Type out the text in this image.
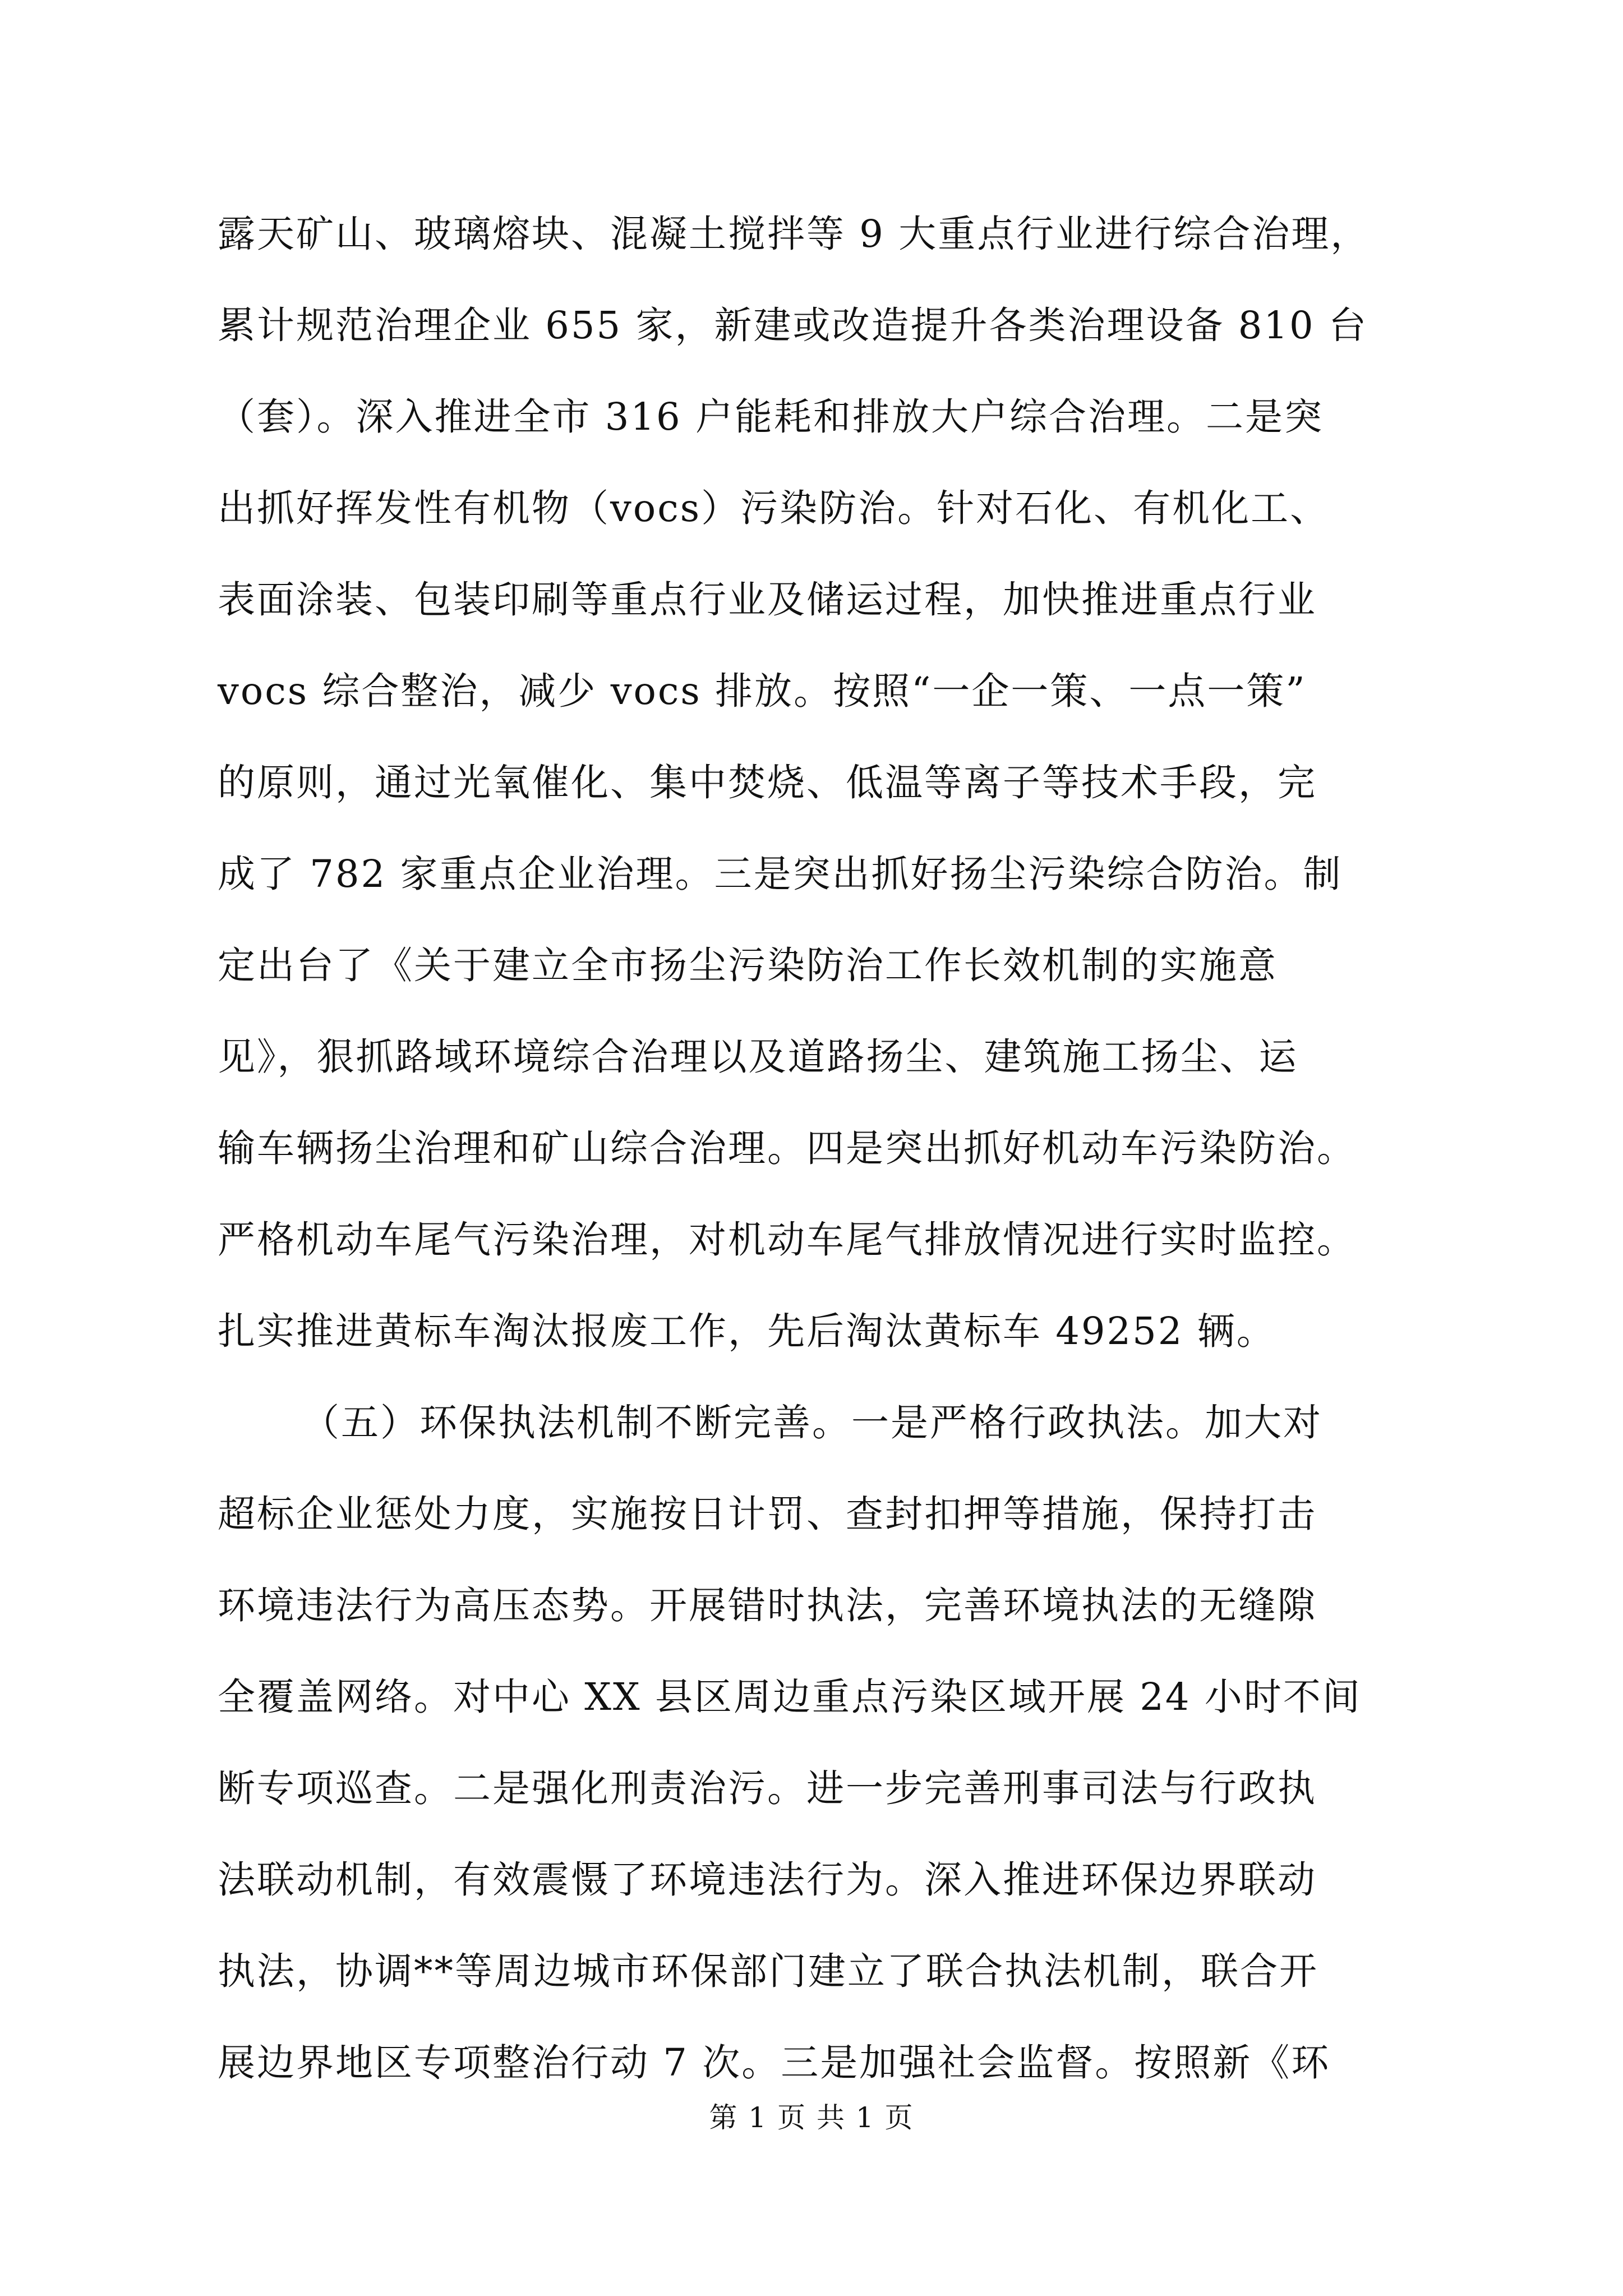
露天矿山、玻璃熔块、混凝土搅拌等 9 大重点行业进行综合治理，
累计规范治理企业 655 家，新建或改造提升各类治理设备 810 台
（套）。深入推进全市 316 户能耗和排放大户综合治理。二是突
出抓好挥发性有机物（vocs）污染防治。针对石化、有机化工、
表面涂装、包装印刷等重点行业及储运过程，加快推进重点行业
vocs 综合整治，减少 vocs 排放。按照“一企一策、一点一策”
的原则，通过光氧催化、集中焚烧、低温等离子等技术手段，完
成了 782 家重点企业治理。三是突出抓好扬尘污染综合防治。制
定出台了《关于建立全市扬尘污染防治工作长效机制的实施意
见》，狠抓路域环境综合治理以及道路扬尘、建筑施工扬尘、运
输车辆扬尘治理和矿山综合治理。四是突出抓好机动车污染防治。
严格机动车尾气污染治理，对机动车尾气排放情况进行实时监控。
扎实推进黄标车淘汰报废工作，先后淘汰黄标车 49252 辆。
（五）环保执法机制不断完善。一是严格行政执法。加大对
超标企业惩处力度，实施按日计罚、查封扣押等措施，保持打击
环境违法行为高压态势。开展错时执法，完善环境执法的无缝隙
全覆盖网络。对中心 XX 县区周边重点污染区域开展 24 小时不间
断专项巡查。二是强化刑责治污。进一步完善刑事司法与行政执
法联动机制，有效震慑了环境违法行为。深入推进环保边界联动
执法，协调**等周边城市环保部门建立了联合执法机制，联合开
展边界地区专项整治行动 7 次。三是加强社会监督。按照新《环
第 1 页 共 1 页
